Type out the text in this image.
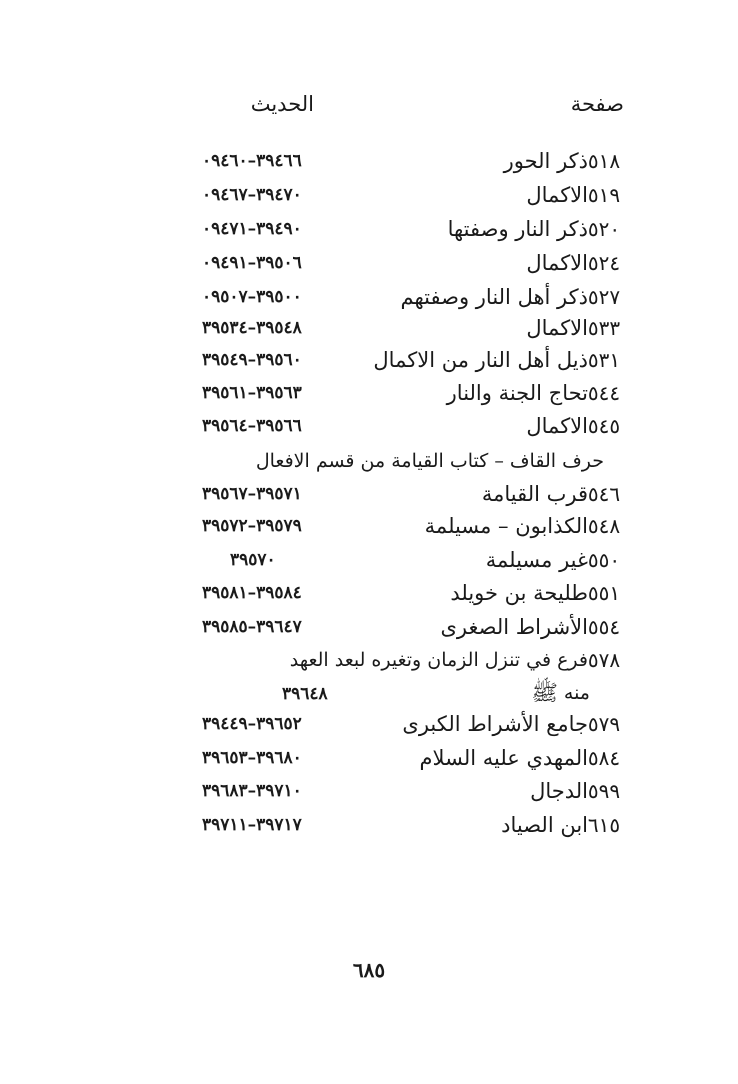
صفحة
الحديث
٥١٨
ذكر الحور
٣٩٤٦٦–٠٩٤٦٠
٥١٩
الاكمال
٣٩٤٧٠–٠٩٤٦٧
٥٢٠
ذكر النار وصفتها
٣٩٤٩٠–٠٩٤٧١
٥٢٤
الاكمال
٣٩٥٠٦–٠٩٤٩١
٥٢٧
ذكر أهل النار وصفتهم
٣٩٥٠٠–٠٩٥٠٧
٥٣٣
الاكمال
٣٩٥٤٨–٣٩٥٣٤
٥٣١
ذيل أهل النار من الاكمال
٣٩٥٦٠–٣٩٥٤٩
٥٤٤
تحاج الجنة والنار
٣٩٥٦٣–٣٩٥٦١
٥٤٥
الاكمال
٣٩٥٦٦–٣٩٥٦٤
حرف القاف – كتاب القيامة من قسم الافعال
٥٤٦
قرب القيامة
٣٩٥٧١–٣٩٥٦٧
٥٤٨
الكذابون – مسيلمة
٣٩٥٧٩–٣٩٥٧٢
٥٥٠
غير مسيلمة
٣٩٥٧٠
٥٥١
طليحة بن خويلد
٣٩٥٨٤–٣٩٥٨١
٥٥٤
الأشراط الصغرى
٣٩٦٤٧–٣٩٥٨٥
٥٧٨
فرع في تنزل الزمان وتغيره لبعد العهد
منهﷺ
٣٩٦٤٨
٥٧٩
جامع الأشراط الكبرى
٣٩٦٥٢–٣٩٤٤٩
٥٨٤
المهدي عليه السلام
٣٩٦٨٠–٣٩٦٥٣
٥٩٩
الدجال
٣٩٧١٠–٣٩٦٨٣
٦١٥
ابن الصياد
٣٩٧١٧–٣٩٧١١
٦٨٥
